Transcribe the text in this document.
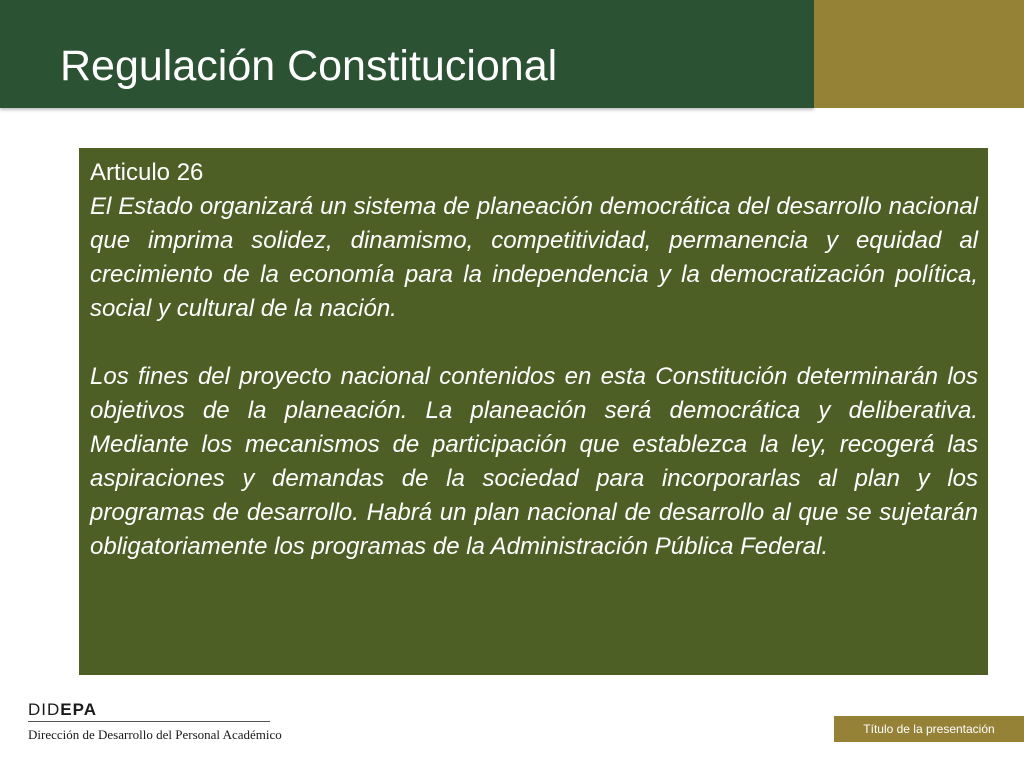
Regulación Constitucional

Articulo 26

El Estado organizará un sistema de planeación democrática del desarrollo nacional que imprima solidez, dinamismo, competitividad, permanencia y equidad al crecimiento de la economía para la independencia y la democratización política, social y cultural de la nación.

Los fines del proyecto nacional contenidos en esta Constitución determinarán los objetivos de la planeación. La planeación será democrática y deliberativa. Mediante los mecanismos de participación que establezca la ley, recogerá las aspiraciones y demandas de la sociedad para incorporarlas al plan y los programas de desarrollo. Habrá un plan nacional de desarrollo al que se sujetarán obligatoriamente los programas de la Administración Pública Federal.

DIDEPA
Dirección de Desarrollo del Personal Académico	Título de la presentación
